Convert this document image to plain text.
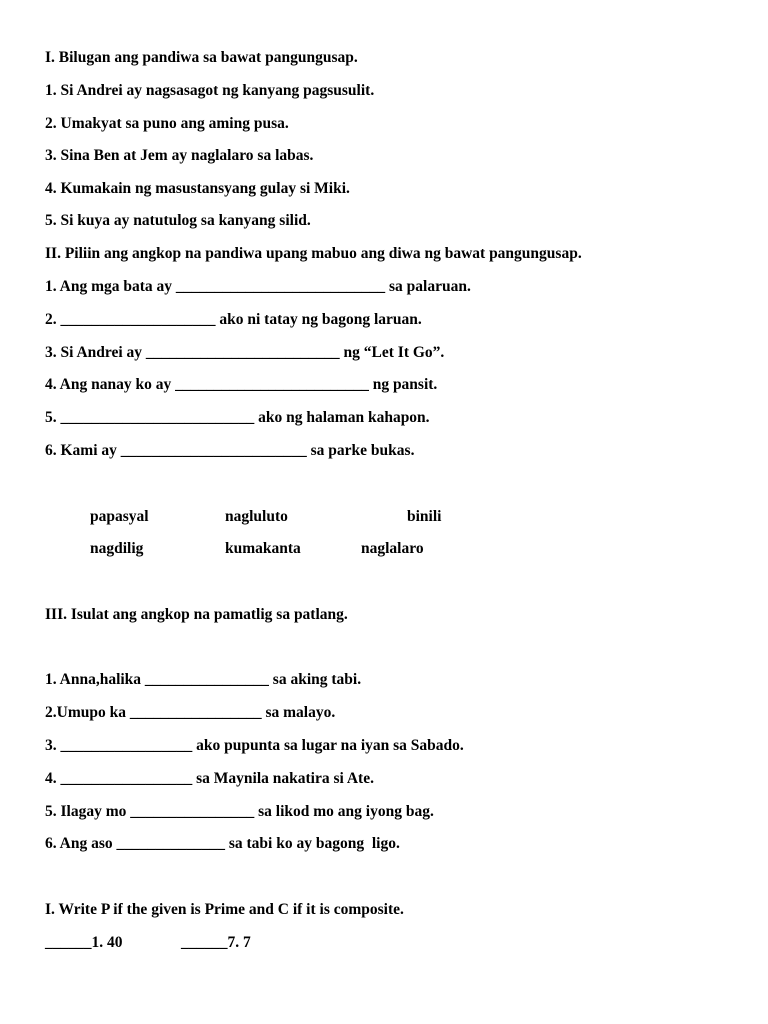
I. Bilugan ang pandiwa sa bawat pangungusap.
1. Si Andrei ay nagsasagot ng kanyang pagsusulit.
2. Umakyat sa puno ang aming pusa.
3. Sina Ben at Jem ay naglalaro sa labas.
4. Kumakain ng masustansyang gulay si Miki.
5. Si kuya ay natutulog sa kanyang silid.
II. Piliin ang angkop na pandiwa upang mabuo ang diwa ng bawat pangungusap.
1. Ang mga bata ay ___________________________ sa palaruan.
2. ____________________ ako ni tatay ng bagong laruan.
3. Si Andrei ay _________________________ ng “Let It Go”.
4. Ang nanay ko ay _________________________ ng pansit.
5. _________________________ ako ng halaman kahapon.
6. Kami ay ________________________ sa parke bukas.
papasyal	nagluluto	binili
nagdilig	kumakanta	naglalaro
III. Isulat ang angkop na pamatlig sa patlang.
1. Anna,halika ________________ sa aking tabi.
2.Umupo ka _________________ sa malayo.
3. _________________ ako pupunta sa lugar na iyan sa Sabado.
4. _________________ sa Maynila nakatira si Ate.
5. Ilagay mo ________________ sa likod mo ang iyong bag.
6. Ang aso ______________ sa tabi ko ay bagong  ligo.
I. Write P if the given is Prime and C if it is composite.
______1. 40	______7. 7
